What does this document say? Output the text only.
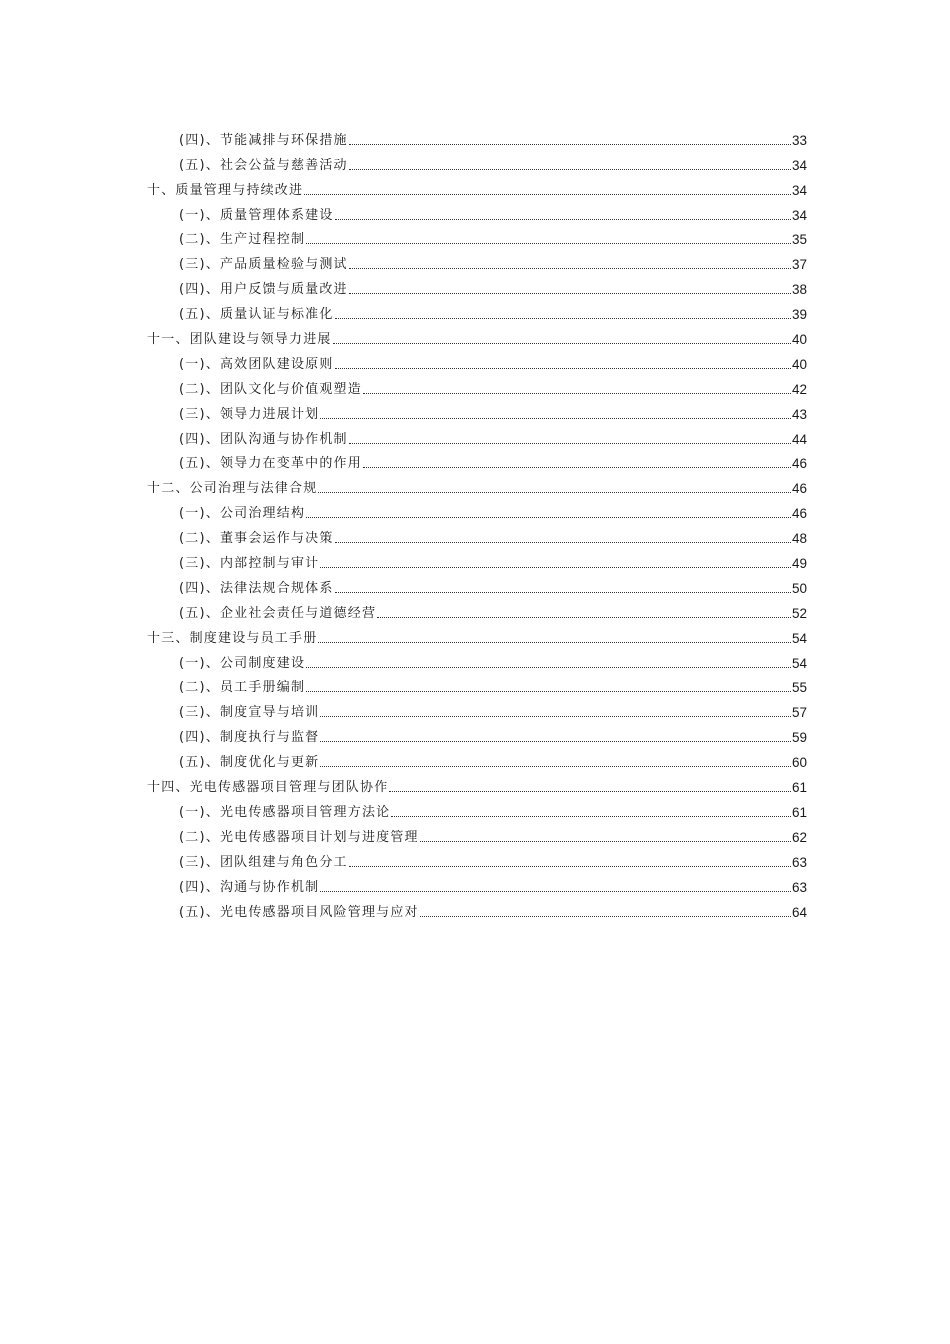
(四)、节能减排与环保措施	33
(五)、社会公益与慈善活动	34
十、质量管理与持续改进	34
(一)、质量管理体系建设	34
(二)、生产过程控制	35
(三)、产品质量检验与测试	37
(四)、用户反馈与质量改进	38
(五)、质量认证与标准化	39
十一、团队建设与领导力进展	40
(一)、高效团队建设原则	40
(二)、团队文化与价值观塑造	42
(三)、领导力进展计划	43
(四)、团队沟通与协作机制	44
(五)、领导力在变革中的作用	46
十二、公司治理与法律合规	46
(一)、公司治理结构	46
(二)、董事会运作与决策	48
(三)、内部控制与审计	49
(四)、法律法规合规体系	50
(五)、企业社会责任与道德经营	52
十三、制度建设与员工手册	54
(一)、公司制度建设	54
(二)、员工手册编制	55
(三)、制度宣导与培训	57
(四)、制度执行与监督	59
(五)、制度优化与更新	60
十四、光电传感器项目管理与团队协作	61
(一)、光电传感器项目管理方法论	61
(二)、光电传感器项目计划与进度管理	62
(三)、团队组建与角色分工	63
(四)、沟通与协作机制	63
(五)、光电传感器项目风险管理与应对	64
